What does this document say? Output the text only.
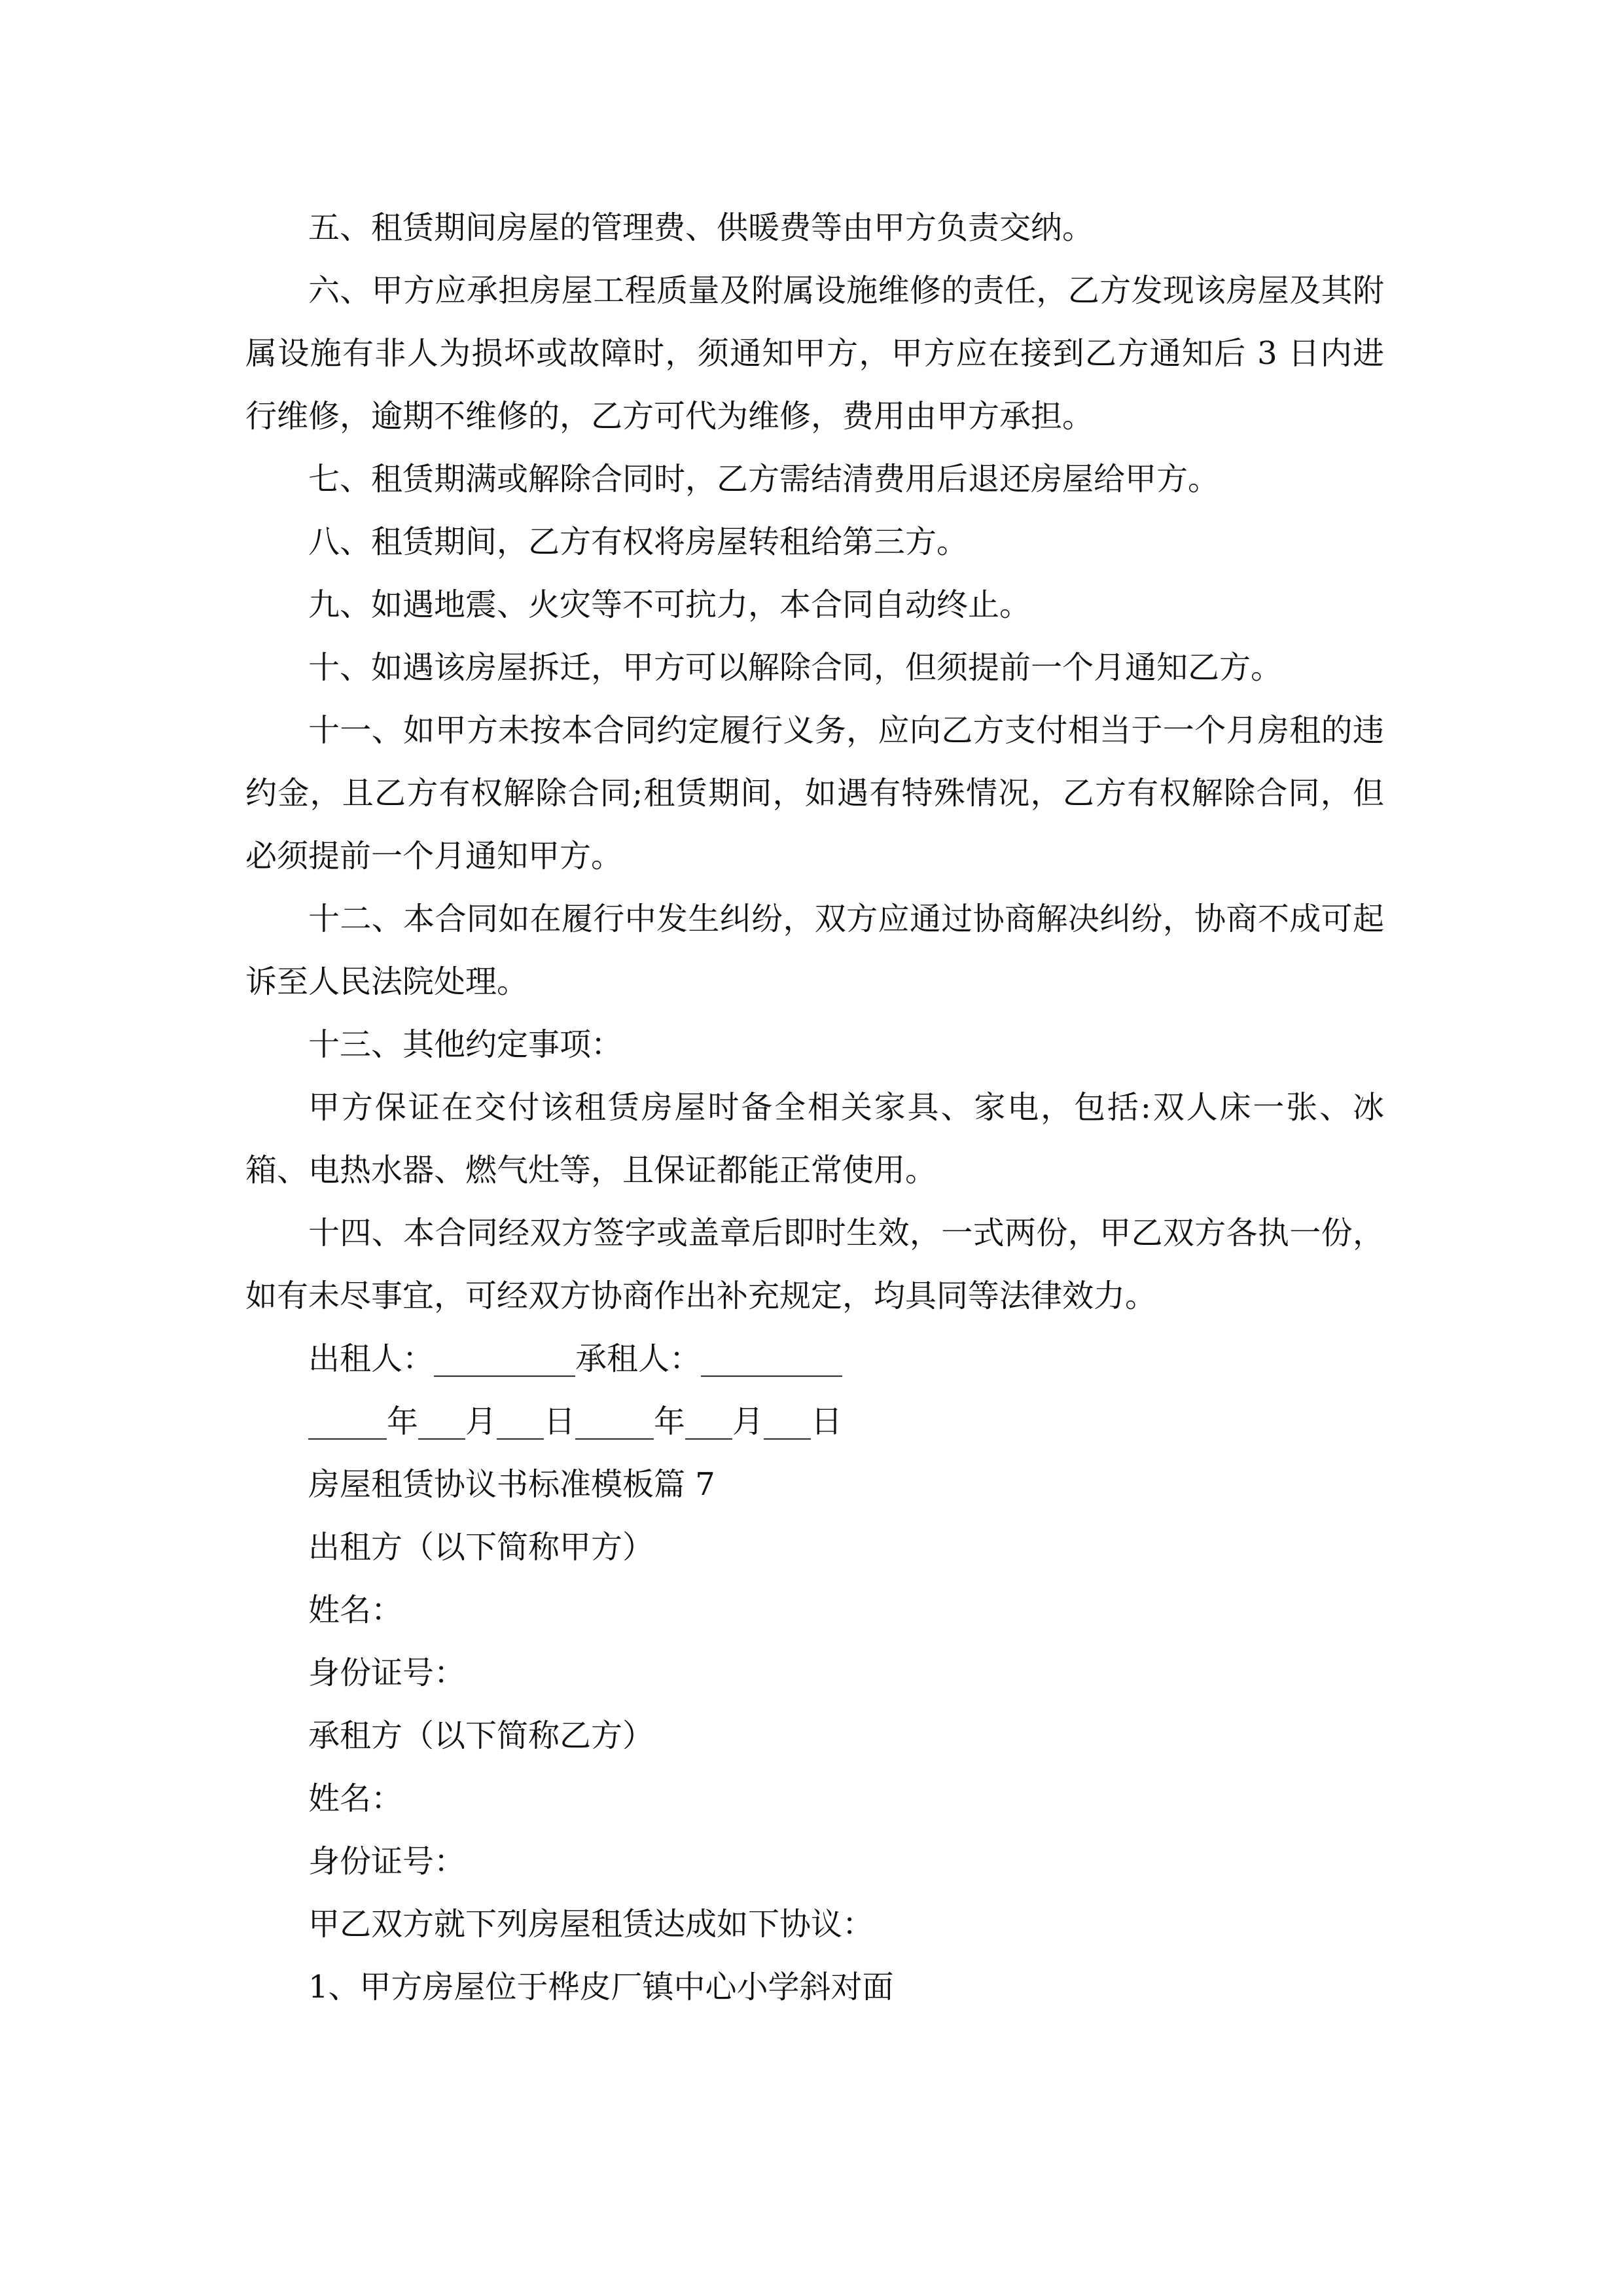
五、租赁期间房屋的管理费、供暖费等由甲方负责交纳。

六、甲方应承担房屋工程质量及附属设施维修的责任，乙方发现该房屋及其附属设施有非人为损坏或故障时，须通知甲方，甲方应在接到乙方通知后 3 日内进行维修，逾期不维修的，乙方可代为维修，费用由甲方承担。

七、租赁期满或解除合同时，乙方需结清费用后退还房屋给甲方。

八、租赁期间，乙方有权将房屋转租给第三方。

九、如遇地震、火灾等不可抗力，本合同自动终止。

十、如遇该房屋拆迁，甲方可以解除合同，但须提前一个月通知乙方。

十一、如甲方未按本合同约定履行义务，应向乙方支付相当于一个月房租的违约金，且乙方有权解除合同;租赁期间，如遇有特殊情况，乙方有权解除合同，但必须提前一个月通知甲方。

十二、本合同如在履行中发生纠纷，双方应通过协商解决纠纷，协商不成可起诉至人民法院处理。

十三、其他约定事项：

甲方保证在交付该租赁房屋时备全相关家具、家电，包括:双人床一张、冰箱、电热水器、燃气灶等，且保证都能正常使用。

十四、本合同经双方签字或盖章后即时生效，一式两份，甲乙双方各执一份，如有未尽事宜，可经双方协商作出补充规定，均具同等法律效力。

出租人：_________承租人：_________

_____年___月___日_____年___月___日

房屋租赁协议书标准模板篇 7

出租方（以下简称甲方）

姓名：

身份证号：

承租方（以下简称乙方）

姓名：

身份证号：

甲乙双方就下列房屋租赁达成如下协议：

1、甲方房屋位于桦皮厂镇中心小学斜对面
